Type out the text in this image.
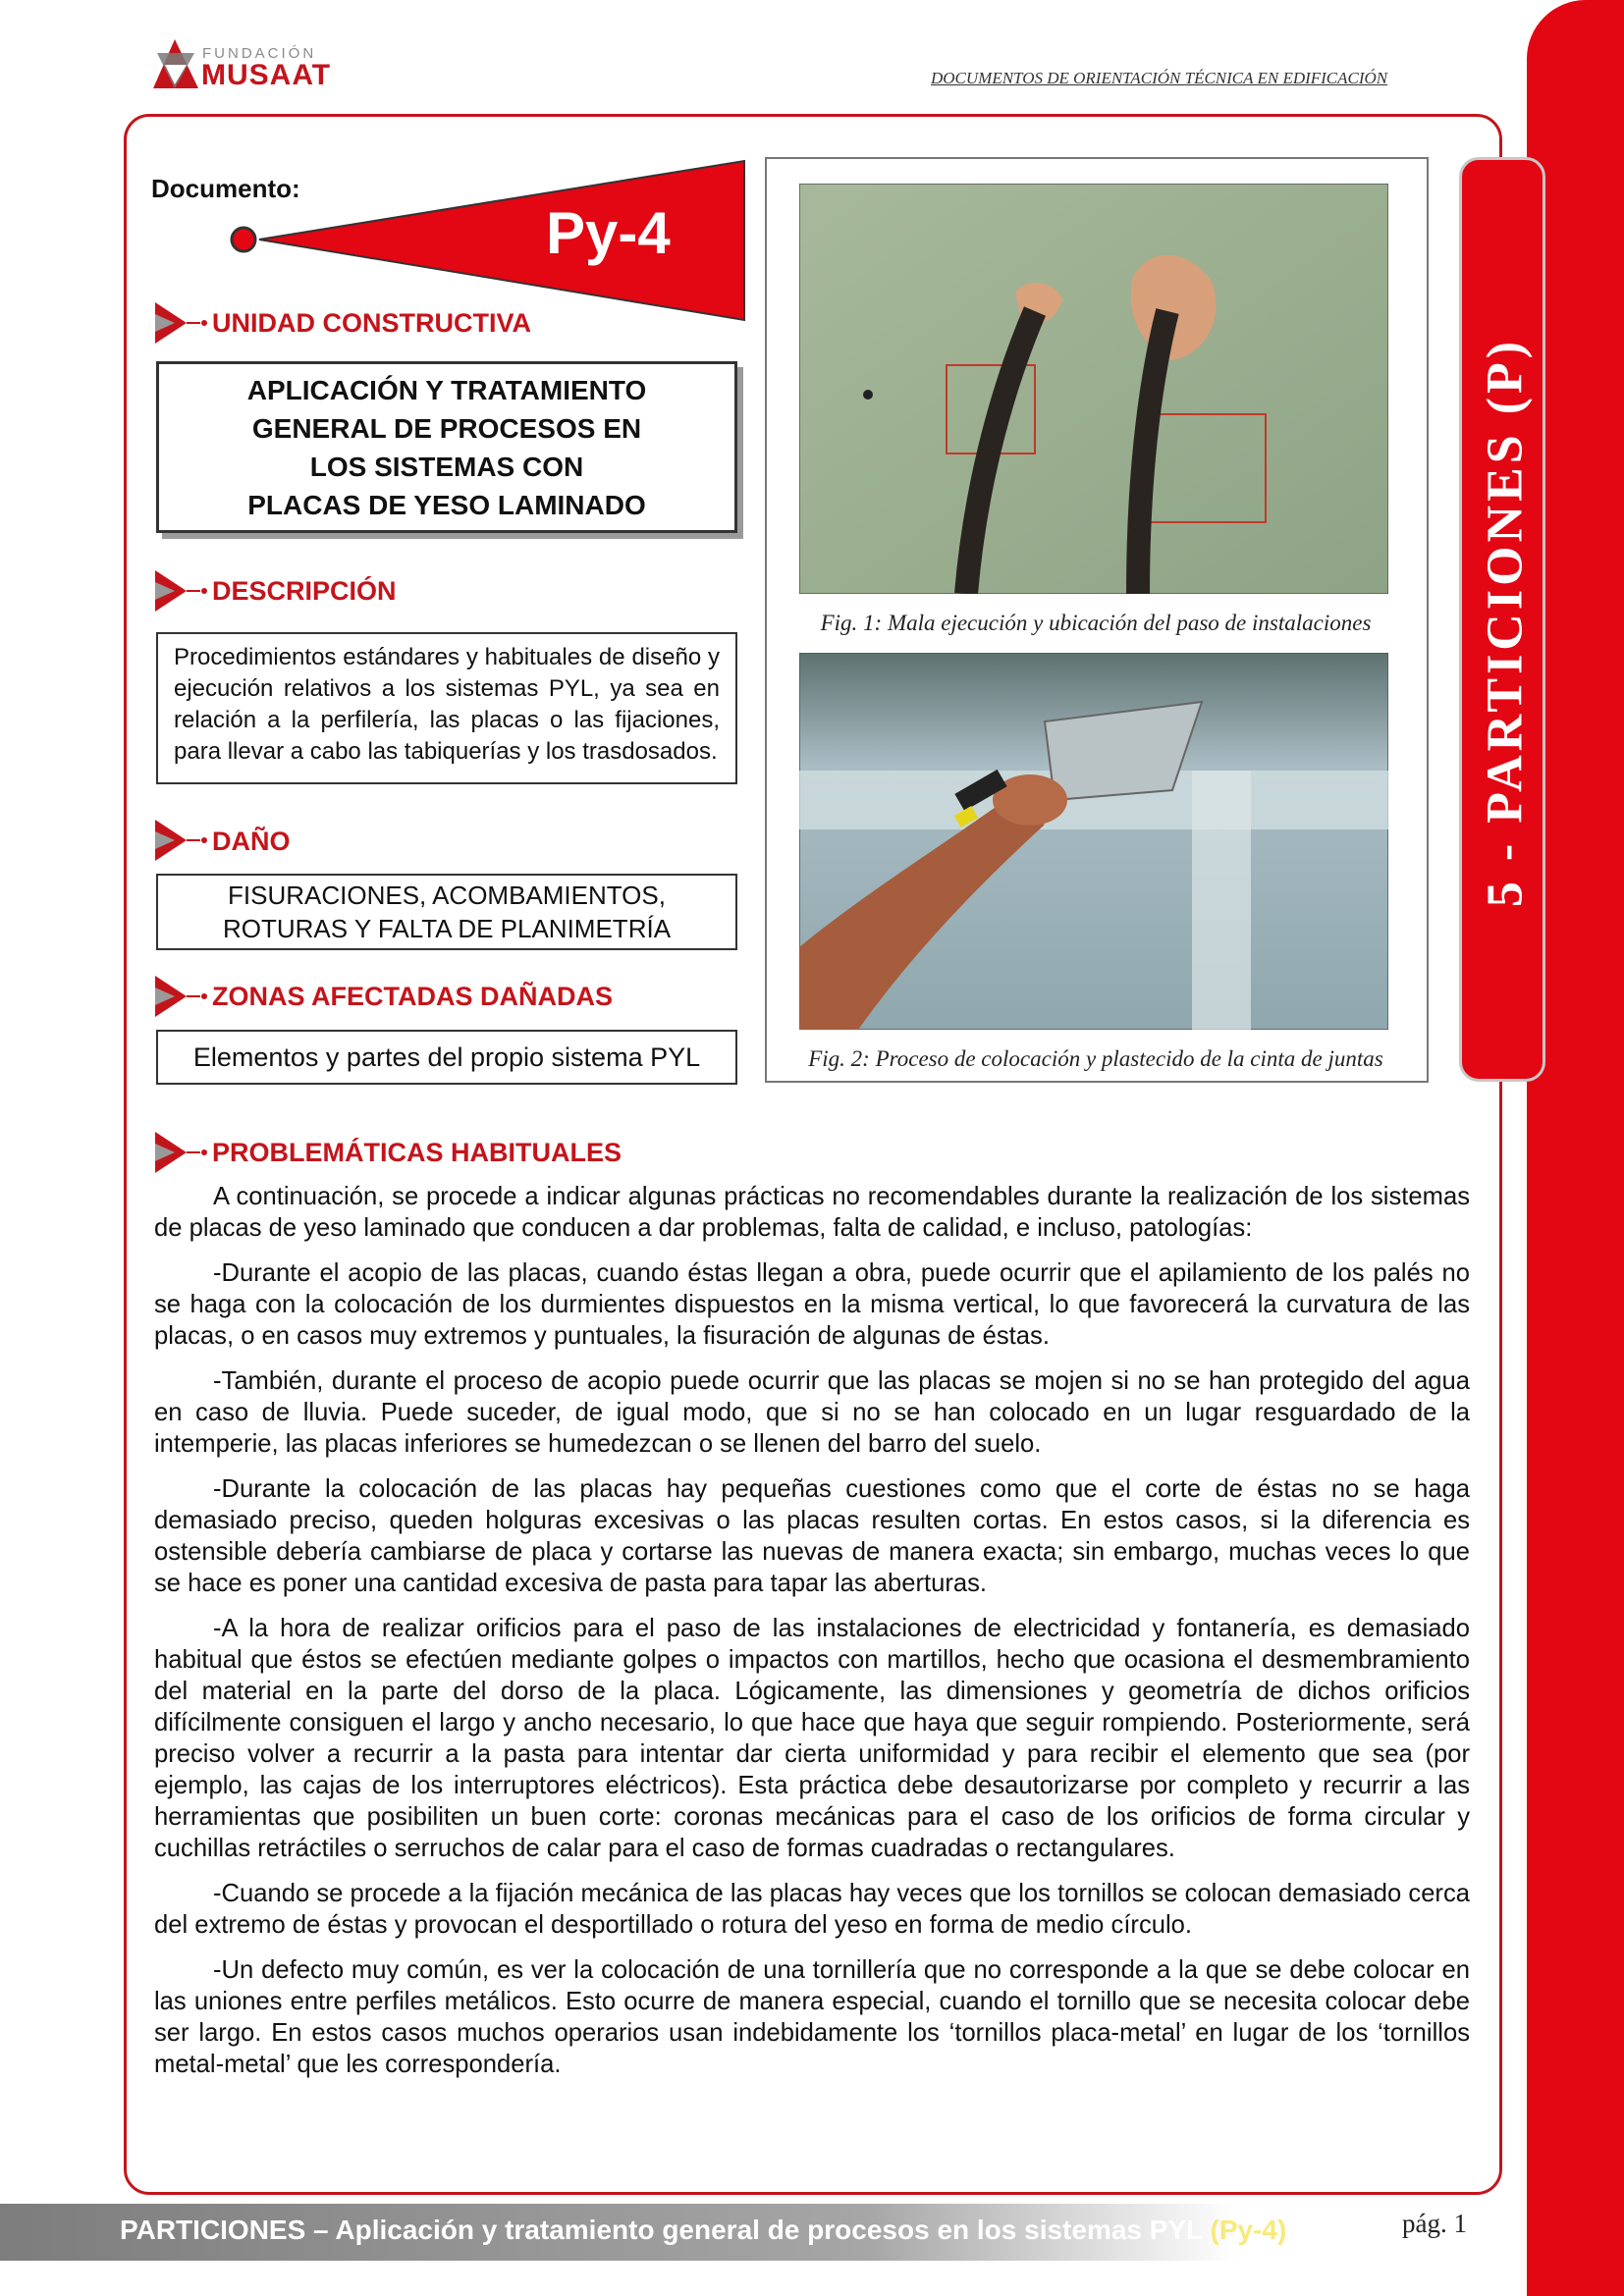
FUNDACIÓN
MUSAAT	DOCUMENTOS DE ORIENTACIÓN TÉCNICA EN EDIFICACIÓN
Documento:
Py-4
UNIDAD CONSTRUCTIVA
APLICACIÓN Y TRATAMIENTO
GENERAL DE PROCESOS EN
LOS SISTEMAS CON
PLACAS DE YESO LAMINADO
DESCRIPCIÓN
Procedimientos estándares y habituales de diseño y ejecución relativos a los sistemas PYL, ya sea en relación a la perfilería, las placas o las fijaciones, para llevar a cabo las tabiquerías y los trasdosados.
DAÑO
FISURACIONES, ACOMBAMIENTOS,
ROTURAS Y FALTA DE PLANIMETRÍA
ZONAS AFECTADAS DAÑADAS
Elementos y partes del propio sistema PYL
Fig. 1: Mala ejecución y ubicación del paso de instalaciones
Fig. 2: Proceso de colocación y plastecido de la cinta de juntas
5 - PARTICIONES (P)
PROBLEMÁTICAS HABITUALES

A continuación, se procede a indicar algunas prácticas no recomendables durante la realización de los sistemas de placas de yeso laminado que conducen a dar problemas, falta de calidad, e incluso, patologías:

-Durante el acopio de las placas, cuando éstas llegan a obra, puede ocurrir que el apilamiento de los palés no se haga con la colocación de los durmientes dispuestos en la misma vertical, lo que favorecerá la curvatura de las placas, o en casos muy extremos y puntuales, la fisuración de algunas de éstas.

-También, durante el proceso de acopio puede ocurrir que las placas se mojen si no se han protegido del agua en caso de lluvia. Puede suceder, de igual modo, que si no se han colocado en un lugar resguardado de la intemperie, las placas inferiores se humedezcan o se llenen del barro del suelo.

-Durante la colocación de las placas hay pequeñas cuestiones como que el corte de éstas no se haga demasiado preciso, queden holguras excesivas o las placas resulten cortas. En estos casos, si la diferencia es ostensible debería cambiarse de placa y cortarse las nuevas de manera exacta; sin embargo, muchas veces lo que se hace es poner una cantidad excesiva de pasta para tapar las aberturas.

-A la hora de realizar orificios para el paso de las instalaciones de electricidad y fontanería, es demasiado habitual que éstos se efectúen mediante golpes o impactos con martillos, hecho que ocasiona el desmembramiento del material en la parte del dorso de la placa. Lógicamente, las dimensiones y geometría de dichos orificios difícilmente consiguen el largo y ancho necesario, lo que hace que haya que seguir rompiendo. Posteriormente, será preciso volver a recurrir a la pasta para intentar dar cierta uniformidad y para recibir el elemento que sea (por ejemplo, las cajas de los interruptores eléctricos). Esta práctica debe desautorizarse por completo y recurrir a las herramientas que posibiliten un buen corte: coronas mecánicas para el caso de los orificios de forma circular y cuchillas retráctiles o serruchos de calar para el caso de formas cuadradas o rectangulares.

-Cuando se procede a la fijación mecánica de las placas hay veces que los tornillos se colocan demasiado cerca del extremo de éstas y provocan el desportillado o rotura del yeso en forma de medio círculo.

-Un defecto muy común, es ver la colocación de una tornillería que no corresponde a la que se debe colocar en las uniones entre perfiles metálicos. Esto ocurre de manera especial, cuando el tornillo que se necesita colocar debe ser largo. En estos casos muchos operarios usan indebidamente los ‘tornillos placa-metal’ en lugar de los ‘tornillos metal-metal’ que les correspondería.

PARTICIONES – Aplicación y tratamiento general de procesos en los sistemas PYL (Py-4)	pág. 1
